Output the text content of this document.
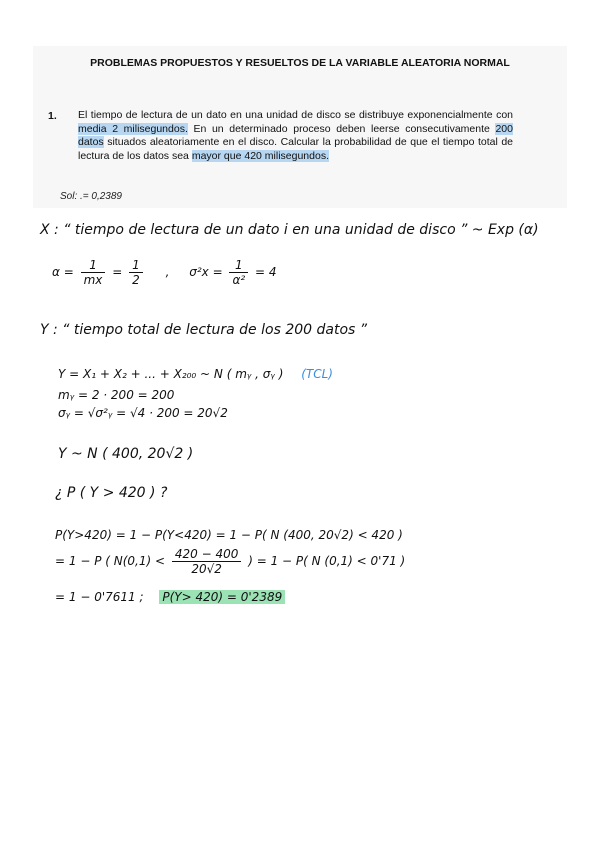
PROBLEMAS PROPUESTOS Y RESUELTOS DE LA VARIABLE ALEATORIA NORMAL
1. El tiempo de lectura de un dato en una unidad de disco se distribuye exponencialmente con media 2 milisegundos. En un determinado proceso deben leerse consecutivamente 200 datos situados aleatoriamente en el disco. Calcular la probabilidad de que el tiempo total de lectura de los datos sea mayor que 420 milisegundos.
Sol: .= 0,2389
X : “ tiempo de lectura de un dato i en una unidad de disco ” ~ Exp (α)
$\alpha = \frac{1}{mx} = \frac{1}{2}$ , $\sigma^2x = \frac{1}{\text{α²}} = 4$
Y : “ tiempo total de lectura de los 200 datos ”
Y = X₁ + X₂ + ... + X₂₀₀ ~ N ( mᵧ , σᵧ ) (TCL)
mᵧ = 2 · 200 = 200
σᵧ = √σ²ᵧ = √4 · 200 = 20√2
Y ~ N ( 400, 20√2 )
¿ P ( Y > 420 ) ?
P(Y>420) = 1 − P(Y<420) = 1 − P( N (400, 20√2) < 420 )
= 1 − P ( $N(0,1) < \frac{420 - 400}{20√2}$ ) = 1 − P( N (0,1) < 0'71 )
= 1 − 0'7611 ; P(Y> 420) = 0'2389
